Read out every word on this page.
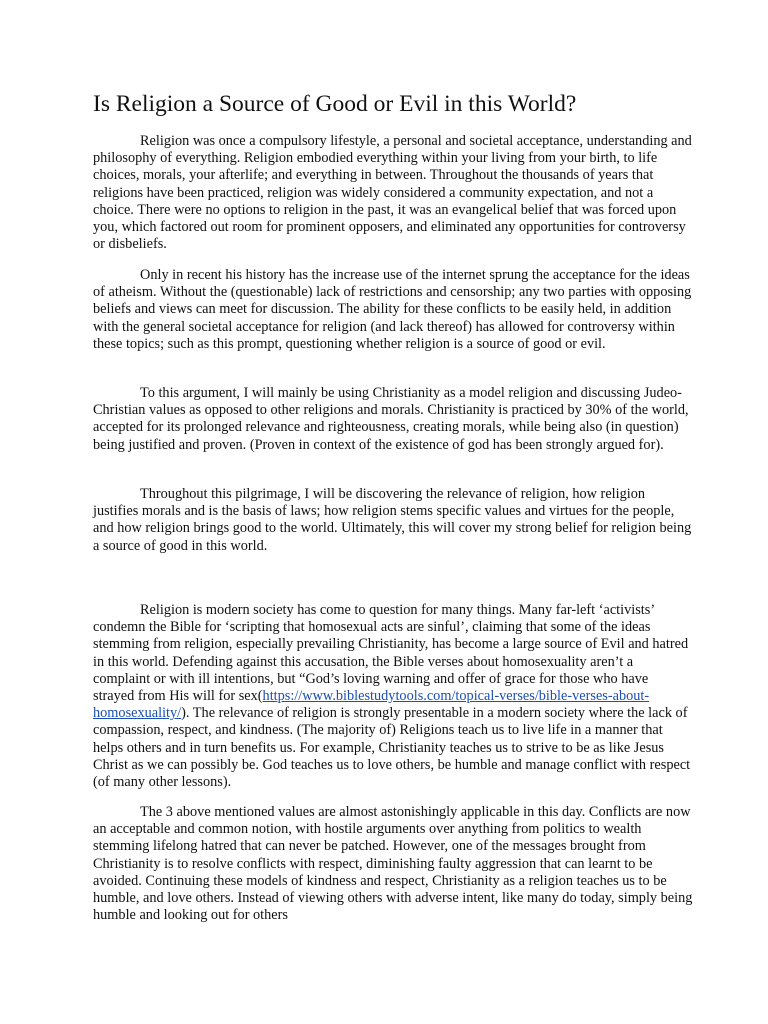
Is Religion a Source of Good or Evil in this World?

Religion was once a compulsory lifestyle, a personal and societal acceptance, understanding and philosophy of everything. Religion embodied everything within your living from your birth, to life choices, morals, your afterlife; and everything in between. Throughout the thousands of years that religions have been practiced, religion was widely considered a community expectation, and not a choice. There were no options to religion in the past, it was an evangelical belief that was forced upon you, which factored out room for prominent opposers, and eliminated any opportunities for controversy or disbeliefs.

Only in recent his history has the increase use of the internet sprung the acceptance for the ideas of atheism. Without the (questionable) lack of restrictions and censorship; any two parties with opposing beliefs and views can meet for discussion. The ability for these conflicts to be easily held, in addition with the general societal acceptance for religion (and lack thereof) has allowed for controversy within these topics; such as this prompt, questioning whether religion is a source of good or evil.

To this argument, I will mainly be using Christianity as a model religion and discussing Judeo-Christian values as opposed to other religions and morals. Christianity is practiced by 30% of the world, accepted for its prolonged relevance and righteousness, creating morals, while being also (in question) being justified and proven. (Proven in context of the existence of god has been strongly argued for).

Throughout this pilgrimage, I will be discovering the relevance of religion, how religion justifies morals and is the basis of laws; how religion stems specific values and virtues for the people, and how religion brings good to the world. Ultimately, this will cover my strong belief for religion being a source of good in this world.

Religion is modern society has come to question for many things. Many far-left ‘activists’ condemn the Bible for ‘scripting that homosexual acts are sinful’, claiming that some of the ideas stemming from religion, especially prevailing Christianity, has become a large source of Evil and hatred in this world. Defending against this accusation, the Bible verses about homosexuality aren’t a complaint or with ill intentions, but “God’s loving warning and offer of grace for those who have strayed from His will for sex(https://www.biblestudytools.com/topical-verses/bible-verses-about-homosexuality/). The relevance of religion is strongly presentable in a modern society where the lack of compassion, respect, and kindness. (The majority of) Religions teach us to live life in a manner that helps others and in turn benefits us. For example, Christianity teaches us to strive to be as like Jesus Christ as we can possibly be. God teaches us to love others, be humble and manage conflict with respect (of many other lessons).

The 3 above mentioned values are almost astonishingly applicable in this day. Conflicts are now an acceptable and common notion, with hostile arguments over anything from politics to wealth stemming lifelong hatred that can never be patched. However, one of the messages brought from Christianity is to resolve conflicts with respect, diminishing faulty aggression that can learnt to be avoided. Continuing these models of kindness and respect, Christianity as a religion teaches us to be humble, and love others. Instead of viewing others with adverse intent, like many do today, simply being humble and looking out for others
